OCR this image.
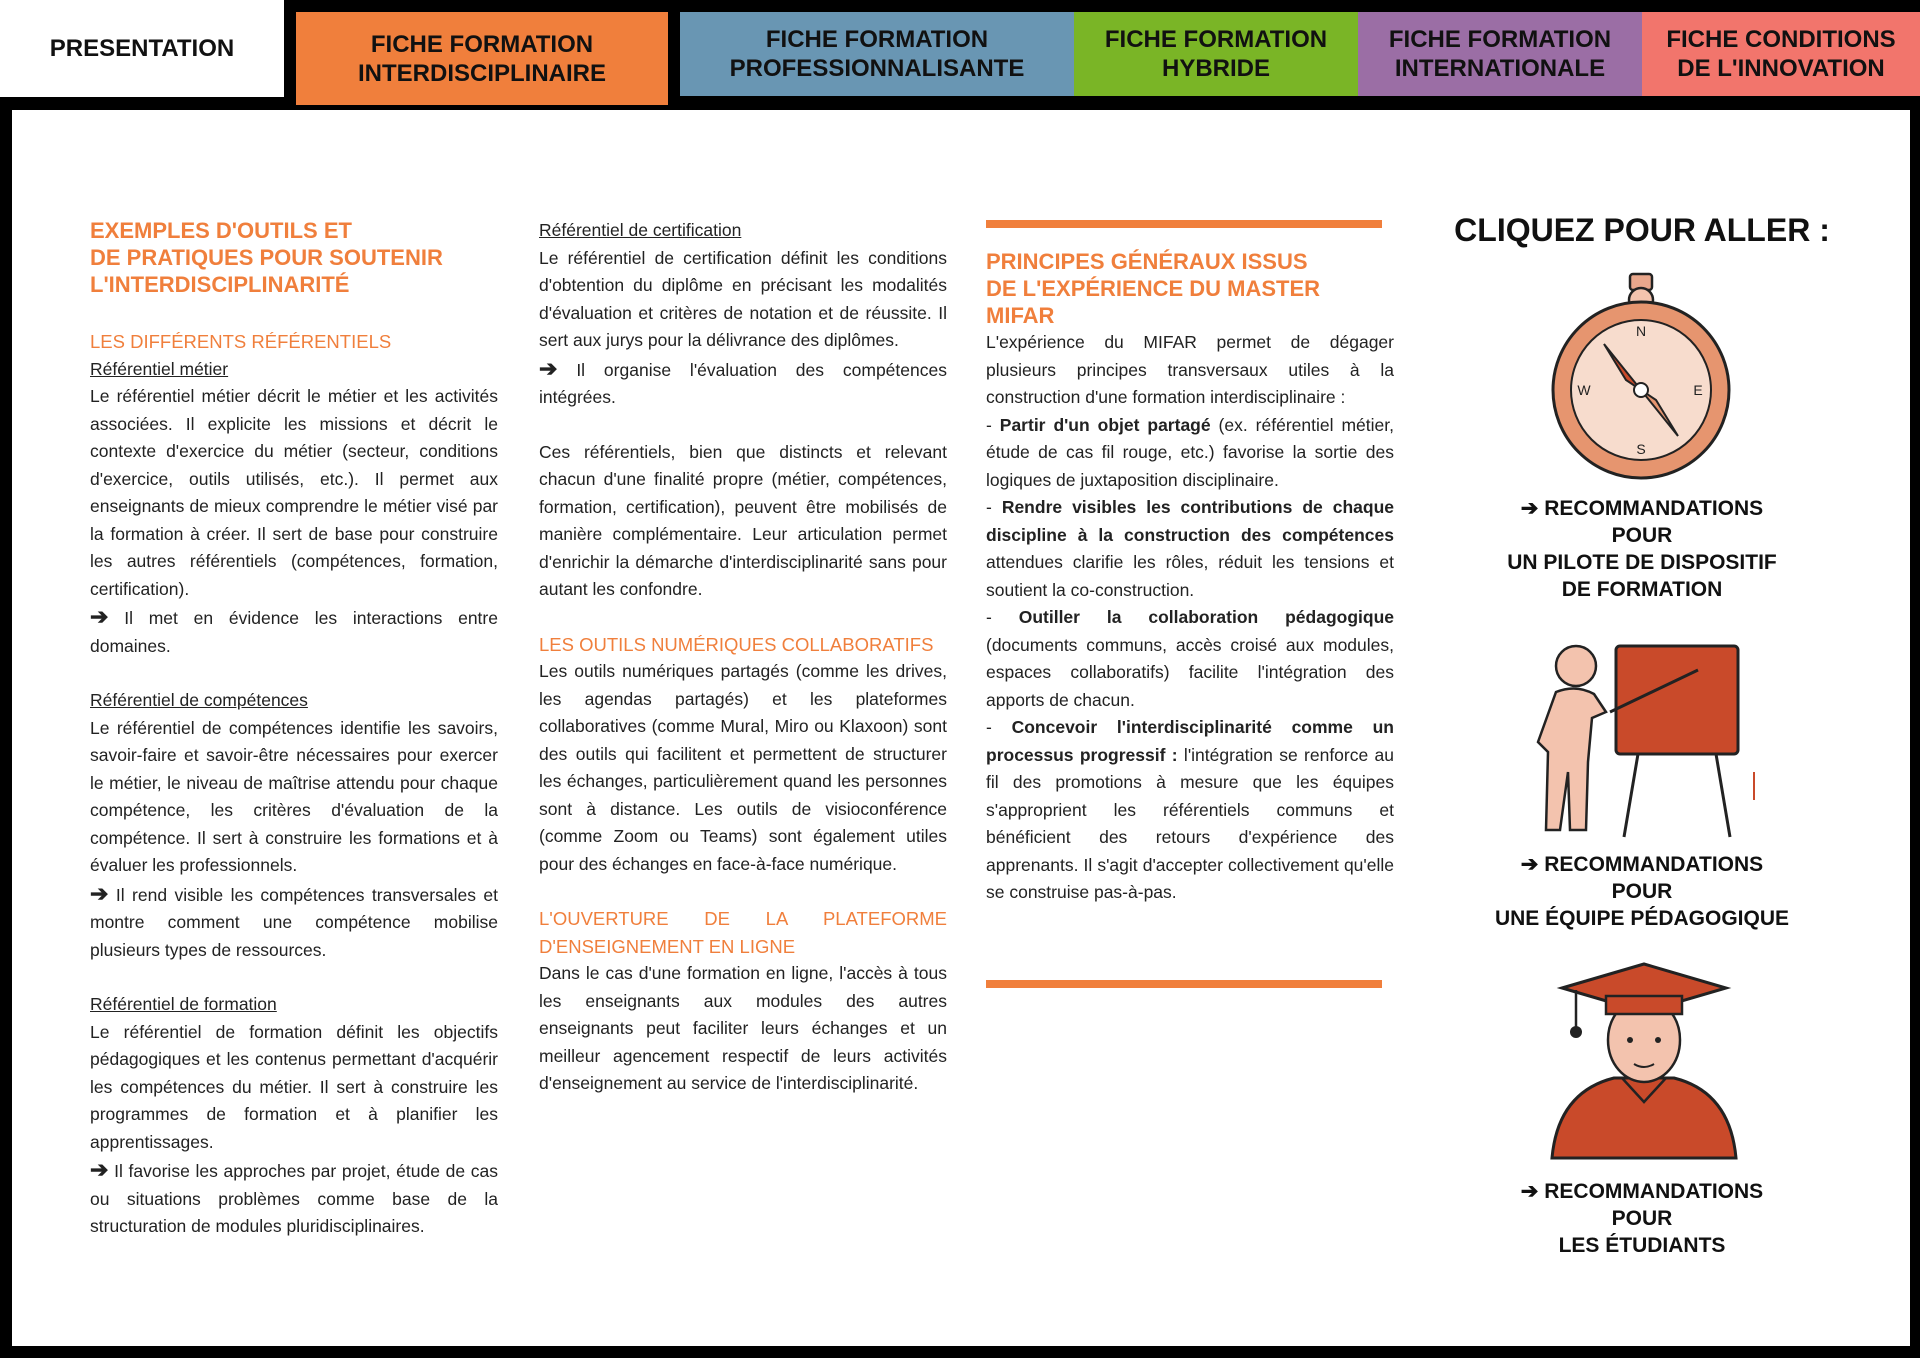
PRESENTATION	FICHE FORMATION
INTERDISCIPLINAIRE
FICHE FORMATION
PROFESSIONNALISANTE
FICHE FORMATION
HYBRIDE
FICHE FORMATION
INTERNATIONALE
FICHE CONDITIONS
DE L'INNOVATION

EXEMPLES D'OUTILS ET
DE PRATIQUES POUR SOUTENIR
L'INTERDISCIPLINARITÉ

LES DIFFÉRENTS RÉFÉRENTIELS

Référentiel métier

Le référentiel métier décrit le métier et les activités associées. Il explicite les missions et décrit le contexte d'exercice du métier (secteur, conditions d'exercice, outils utilisés, etc.). Il permet aux enseignants de mieux comprendre le métier visé par la formation à créer. Il sert de base pour construire les autres référentiels (compétences, formation, certification).

➔ Il met en évidence les interactions entre domaines.

Référentiel de compétences

Le référentiel de compétences identifie les savoirs, savoir-faire et savoir-être nécessaires pour exercer le métier, le niveau de maîtrise attendu pour chaque compétence, les critères d'évaluation de la compétence. Il sert à construire les formations et à évaluer les professionnels.

➔ Il rend visible les compétences transversales et montre comment une compétence mobilise plusieurs types de ressources.

Référentiel de formation

Le référentiel de formation définit les objectifs pédagogiques et les contenus permettant d'acquérir les compétences du métier. Il sert à construire les programmes de formation et à planifier les apprentissages.

➔ Il favorise les approches par projet, étude de cas ou situations problèmes comme base de la structuration de modules pluridisciplinaires.

Référentiel de certification

Le référentiel de certification définit les conditions d'obtention du diplôme en précisant les modalités d'évaluation et critères de notation et de réussite. Il sert aux jurys pour la délivrance des diplômes.

➔ Il organise l'évaluation des compétences intégrées.

Ces référentiels, bien que distincts et relevant chacun d'une finalité propre (métier, compétences, formation, certification), peuvent être mobilisés de manière complémentaire. Leur articulation permet d'enrichir la démarche d'interdisciplinarité sans pour autant les confondre.

LES OUTILS NUMÉRIQUES COLLABORATIFS

Les outils numériques partagés (comme les drives, les agendas partagés) et les plateformes collaboratives (comme Mural, Miro ou Klaxoon) sont des outils qui facilitent et permettent de structurer les échanges, particulièrement quand les personnes sont à distance. Les outils de visioconférence (comme Zoom ou Teams) sont également utiles pour des échanges en face-à-face numérique.

L'OUVERTURE DE LA PLATEFORME D'ENSEIGNEMENT EN LIGNE

Dans le cas d'une formation en ligne, l'accès à tous les enseignants aux modules des autres enseignants peut faciliter leurs échanges et un meilleur agencement respectif de leurs activités d'enseignement au service de l'interdisciplinarité.

PRINCIPES GÉNÉRAUX ISSUS
DE L'EXPÉRIENCE DU MASTER
MIFAR

L'expérience du MIFAR permet de dégager plusieurs principes transversaux utiles à la construction d'une formation interdisciplinaire :

- Partir d'un objet partagé (ex. référentiel métier, étude de cas fil rouge, etc.) favorise la sortie des logiques de juxtaposition disciplinaire.

- Rendre visibles les contributions de chaque discipline à la construction des compétences attendues clarifie les rôles, réduit les tensions et soutient la co-construction.

- Outiller la collaboration pédagogique (documents communs, accès croisé aux modules, espaces collaboratifs) facilite l'intégration des apports de chacun.

- Concevoir l'interdisciplinarité comme un processus progressif : l'intégration se renforce au fil des promotions à mesure que les équipes s'approprient les référentiels communs et bénéficient des retours d'expérience des apprenants. Il s'agit d'accepter collectivement qu'elle se construise pas-à-pas.

CLIQUEZ POUR ALLER :

N
E
S
W
➔ RECOMMANDATIONS
POUR
UN PILOTE DE DISPOSITIF
DE FORMATION
➔ RECOMMANDATIONS
POUR
UNE ÉQUIPE PÉDAGOGIQUE
➔ RECOMMANDATIONS
POUR
LES ÉTUDIANTS
